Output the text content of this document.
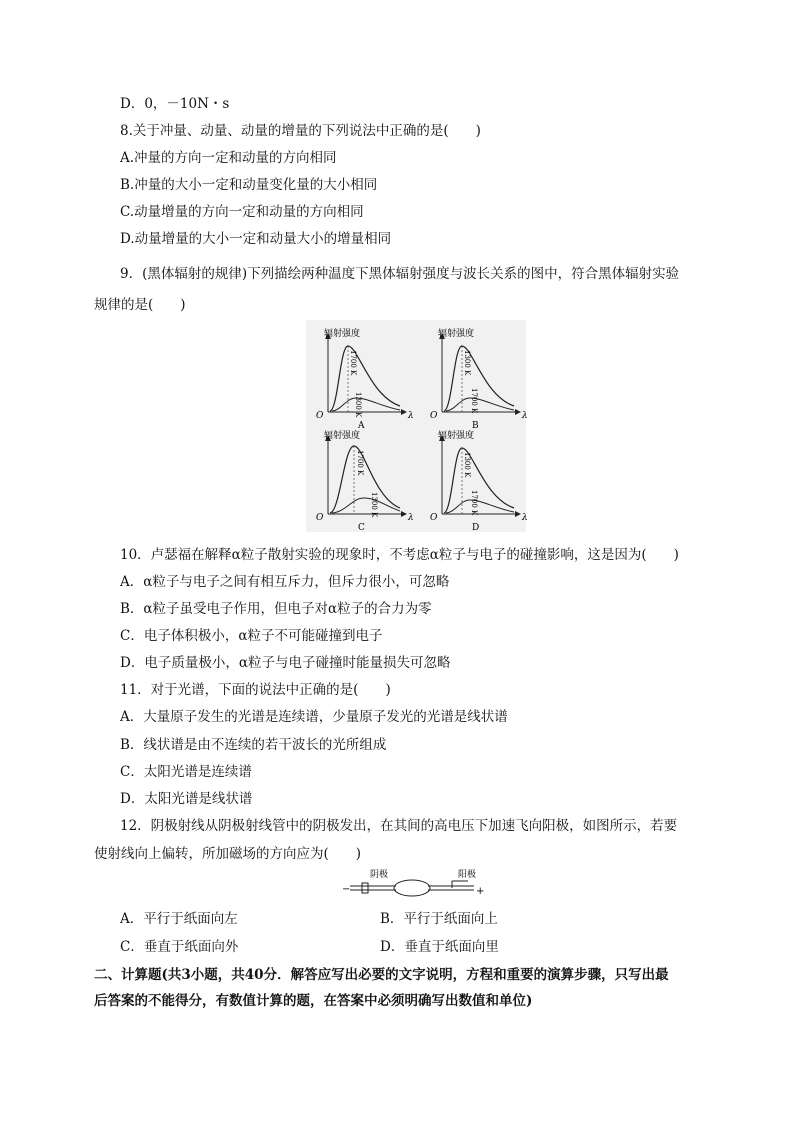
D．0，－10N・s
8.关于冲量、动量、动量的增量的下列说法中正确的是(　　)
A.冲量的方向一定和动量的方向相同
B.冲量的大小一定和动量变化量的大小相同
C.动量增量的方向一定和动量的方向相同
D.动量增量的大小一定和动量大小的增量相同
9．(黑体辐射的规律)下列描绘两种温度下黑体辐射强度与波长关系的图中，符合黑体辐射实验
规律的是(　　)
辐射强度
O	λ
1700 K
1300 K
A
辐射强度
O	λ
1300 K
1700 K
B
辐射强度
O	λ
1700 K
1300 K
C
辐射强度
O	λ
1300 K
1700 K
D
10．卢瑟福在解释α粒子散射实验的现象时，不考虑α粒子与电子的碰撞影响，这是因为(　　)
A．α粒子与电子之间有相互斥力，但斥力很小，可忽略
B．α粒子虽受电子作用，但电子对α粒子的合力为零
C．电子体积极小，α粒子不可能碰撞到电子
D．电子质量极小，α粒子与电子碰撞时能量损失可忽略
11．对于光谱，下面的说法中正确的是(　　)
A．大量原子发生的光谱是连续谱，少量原子发光的光谱是线状谱
B．线状谱是由不连续的若干波长的光所组成
C．太阳光谱是连续谱
D．太阳光谱是线状谱
12．阴极射线从阴极射线管中的阴极发出，在其间的高电压下加速飞向阳极，如图所示，若要
使射线向上偏转，所加磁场的方向应为(　　)
阴极	阳极
−	+
A．平行于纸面向左	B．平行于纸面向上
C．垂直于纸面向外	D．垂直于纸面向里
二、计算题(共3小题，共40分．解答应写出必要的文字说明，方程和重要的演算步骤，只写出最
后答案的不能得分，有数值计算的题，在答案中必须明确写出数值和单位)
